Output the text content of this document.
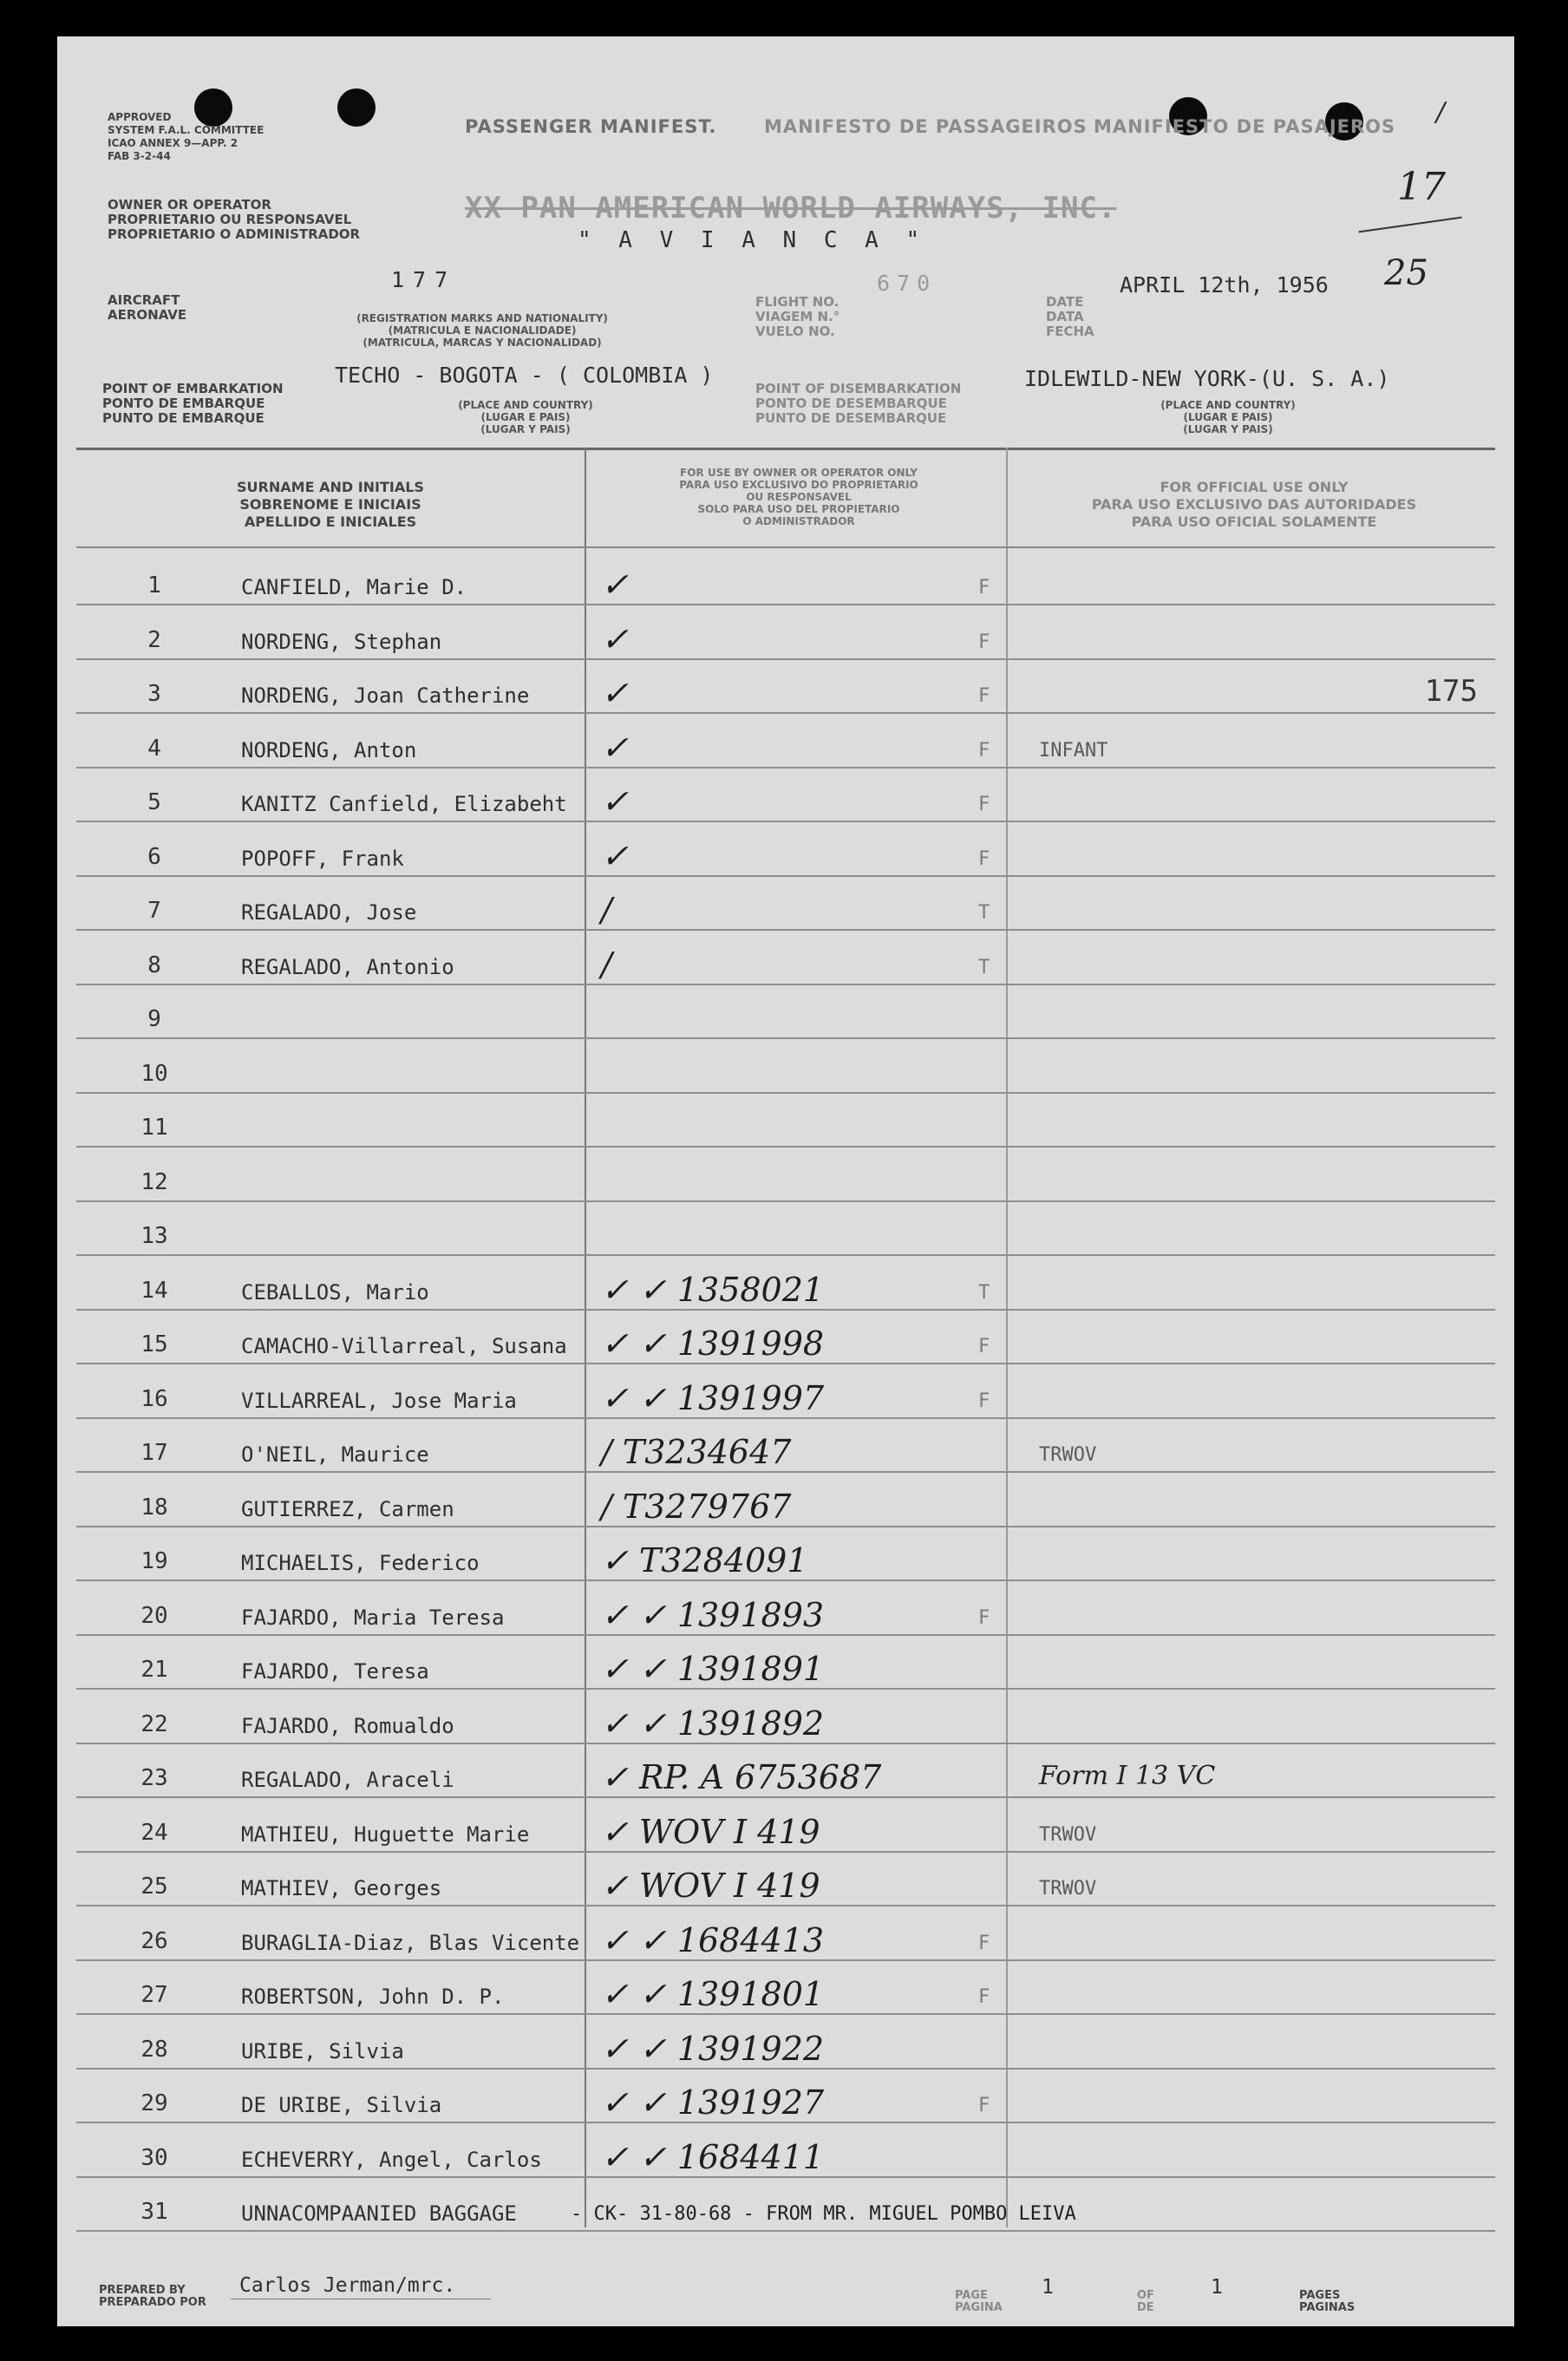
/
17
25
APPROVED
SYSTEM F.A.L. COMMITTEE
ICAO ANNEX 9—APP. 2
FAB 3-2-44
PASSENGER MANIFEST.	MANIFESTO DE PASSAGEIROS MANIFIESTO DE PASAJEROS
OWNER OR OPERATOR
PROPRIETARIO OU RESPONSAVEL
PROPRIETARIO O ADMINISTRADOR
XX PAN AMERICAN WORLD AIRWAYS, INC.
" A V I A N C A "
AIRCRAFT
AERONAVE
177
(REGISTRATION MARKS AND NATIONALITY)
(MATRICULA E NACIONALIDADE)
(MATRICULA, MARCAS Y NACIONALIDAD)
FLIGHT NO.
VIAGEM N.°
VUELO NO.
670
DATE
DATA
FECHA
APRIL 12th, 1956
POINT OF EMBARKATION
PONTO DE EMBARQUE
PUNTO DE EMBARQUE
TECHO - BOGOTA - ( COLOMBIA )
(PLACE AND COUNTRY)
(LUGAR E PAIS)
(LUGAR Y PAIS)
POINT OF DISEMBARKATION
PONTO DE DESEMBARQUE
PUNTO DE DESEMBARQUE
IDLEWILD-NEW YORK-(U. S. A.)
(PLACE AND COUNTRY)
(LUGAR E PAIS)
(LUGAR Y PAIS)
SURNAME AND INITIALS
SOBRENOME E INICIAIS
APELLIDO E INICIALES
FOR USE BY OWNER OR OPERATOR ONLY
PARA USO EXCLUSIVO DO PROPRIETARIO
OU RESPONSAVEL
SOLO PARA USO DEL PROPIETARIO
O ADMINISTRADOR
FOR OFFICIAL USE ONLY
PARA USO EXCLUSIVO DAS AUTORIDADES
PARA USO OFICIAL SOLAMENTE
1	CANFIELD, Marie D.	✓	F
2	NORDENG, Stephan	✓	F
3	NORDENG, Joan Catherine ✓	F	175
4	NORDENG, Anton	✓	F	INFANT
5	KANITZ Canfield, Elizabeht ✓	F
6	POPOFF, Frank	✓	F
7	REGALADO, Jose	/	T
8	REGALADO, Antonio	/	T
9
10
11
12
13
14	CEBALLOS, Mario	✓ ✓ 1358021	T
15	CAMACHO-Villarreal, Susana ✓ ✓ 1391998	F
16	VILLARREAL, Jose Maria	✓ ✓ 1391997	F
17	O'NEIL, Maurice	/ T3234647	TRWOV
18	GUTIERREZ, Carmen	/ T3279767
19	MICHAELIS, Federico	✓ T3284091
20	FAJARDO, Maria Teresa	✓ ✓ 1391893	F
21	FAJARDO, Teresa	✓ ✓ 1391891
22	FAJARDO, Romualdo	✓ ✓ 1391892
23	REGALADO, Araceli	✓ RP. A 6753687	Form I 13 VC
24	MATHIEU, Huguette Marie ✓ WOV I 419	TRWOV
25	MATHIEV, Georges	✓ WOV I 419	TRWOV
26	BURAGLIA-Diaz, Blas Vicente ✓ ✓ 1684413	F
27	ROBERTSON, John D. P.	✓ ✓ 1391801	F
28	URIBE, Silvia	✓ ✓ 1391922
29	DE URIBE, Silvia	✓ ✓ 1391927	F
30	ECHEVERRY, Angel, Carlos ✓ ✓ 1684411
31	UNNACOMPAANIED BAGGAGE	- CK- 31-80-68 - FROM MR. MIGUEL POMBO LEIVA
PREPARED BY
PREPARADO POR
Carlos Jerman/mrc.	PAGE
PAGINA
1	OF
DE
1	PAGES
PAGINAS
